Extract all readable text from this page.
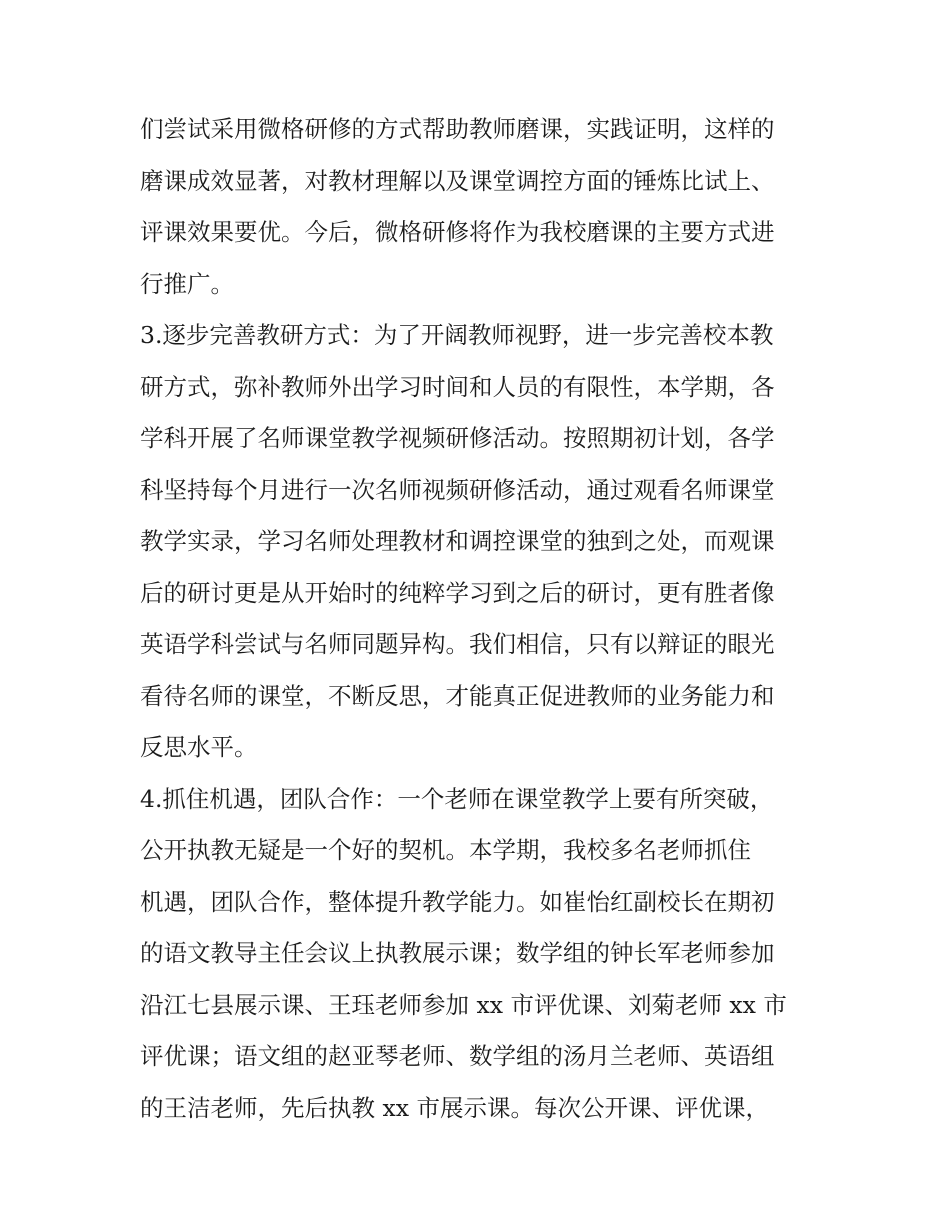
们尝试采用微格研修的方式帮助教师磨课，实践证明，这样的
磨课成效显著，对教材理解以及课堂调控方面的锤炼比试上、
评课效果要优。今后，微格研修将作为我校磨课的主要方式进
行推广。
3.逐步完善教研方式：为了开阔教师视野，进一步完善校本教
研方式，弥补教师外出学习时间和人员的有限性，本学期，各
学科开展了名师课堂教学视频研修活动。按照期初计划，各学
科坚持每个月进行一次名师视频研修活动，通过观看名师课堂
教学实录，学习名师处理教材和调控课堂的独到之处，而观课
后的研讨更是从开始时的纯粹学习到之后的研讨，更有胜者像
英语学科尝试与名师同题异构。我们相信，只有以辩证的眼光
看待名师的课堂，不断反思，才能真正促进教师的业务能力和
反思水平。
4.抓住机遇，团队合作：一个老师在课堂教学上要有所突破，
公开执教无疑是一个好的契机。本学期，我校多名老师抓住
机遇，团队合作，整体提升教学能力。如崔怡红副校长在期初
的语文教导主任会议上执教展示课；数学组的钟长军老师参加
沿江七县展示课、王珏老师参加 xx 市评优课、刘菊老师 xx 市
评优课；语文组的赵亚琴老师、数学组的汤月兰老师、英语组
的王洁老师，先后执教 xx 市展示课。每次公开课、评优课，
